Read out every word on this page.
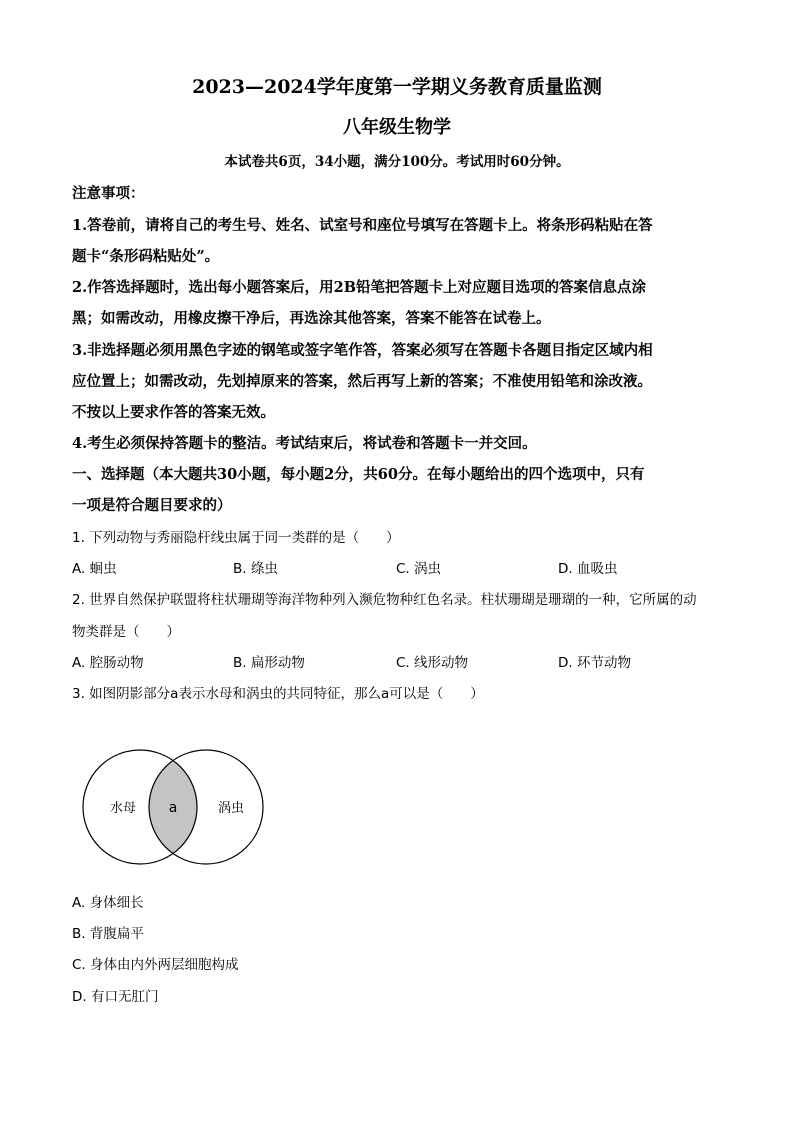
2023—2024学年度第一学期义务教育质量监测
八年级生物学
本试卷共6页，34小题，满分100分。考试用时60分钟。
注意事项：
1.答卷前，请将自己的考生号、姓名、试室号和座位号填写在答题卡上。将条形码粘贴在答
题卡“条形码粘贴处”。
2.作答选择题时，选出每小题答案后，用2B铅笔把答题卡上对应题目选项的答案信息点涂
黑；如需改动，用橡皮擦干净后，再选涂其他答案，答案不能答在试卷上。
3.非选择题必须用黑色字迹的钢笔或签字笔作答，答案必须写在答题卡各题目指定区域内相
应位置上；如需改动，先划掉原来的答案，然后再写上新的答案；不准使用铅笔和涂改液。
不按以上要求作答的答案无效。
4.考生必须保持答题卡的整洁。考试结束后，将试卷和答题卡一并交回。
一、选择题（本大题共30小题，每小题2分，共60分。在每小题给出的四个选项中，只有
一项是符合题目要求的）
1. 下列动物与秀丽隐杆线虫属于同一类群的是（　　）
A. 蛔虫	B. 绦虫	C. 涡虫	D. 血吸虫
2. 世界自然保护联盟将柱状珊瑚等海洋物种列入濒危物种红色名录。柱状珊瑚是珊瑚的一种，它所属的动
物类群是（　　）
A. 腔肠动物	B. 扁形动物	C. 线形动物	D. 环节动物
3. 如图阴影部分a表示水母和涡虫的共同特征，那么a可以是（　　）
水母 a	涡虫
A. 身体细长
B. 背腹扁平
C. 身体由内外两层细胞构成
D. 有口无肛门
